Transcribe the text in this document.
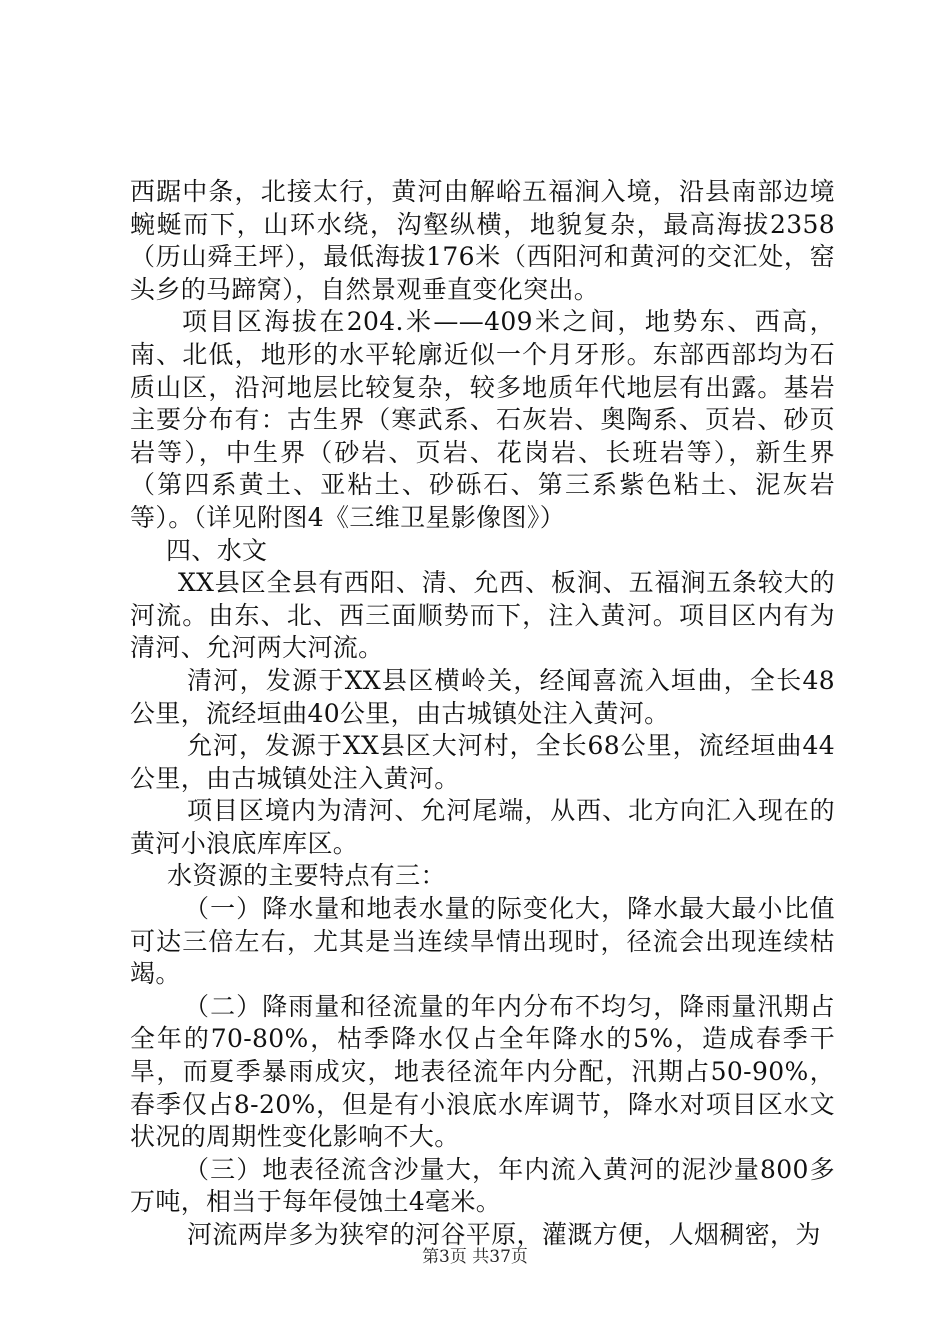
西踞中条，北接太行，黄河由解峪五福涧入境，沿县南部边境蜿蜒而下，山环水绕，沟壑纵横，地貌复杂，最高海拔2358（历山舜王坪），最低海拔176米（西阳河和黄河的交汇处，窑头乡的马蹄窝），自然景观垂直变化突出。

项目区海拔在204.米——409米之间，地势东、西高，南、北低，地形的水平轮廓近似一个月牙形。东部西部均为石质山区，沿河地层比较复杂，较多地质年代地层有出露。基岩主要分布有：古生界（寒武系、石灰岩、奥陶系、页岩、砂页岩等），中生界（砂岩、页岩、花岗岩、长班岩等），新生界（第四系黄土、亚粘土、砂砾石、第三系紫色粘土、泥灰岩等）。（详见附图4《三维卫星影像图》）

四、水文

XX县区全县有西阳、清、允西、板涧、五福涧五条较大的河流。由东、北、西三面顺势而下，注入黄河。项目区内有为清河、允河两大河流。

清河，发源于XX县区横岭关，经闻喜流入垣曲，全长48公里，流经垣曲40公里，由古城镇处注入黄河。

允河，发源于XX县区大河村，全长68公里，流经垣曲44公里，由古城镇处注入黄河。

项目区境内为清河、允河尾端，从西、北方向汇入现在的黄河小浪底库库区。

水资源的主要特点有三：

（一）降水量和地表水量的际变化大，降水最大最小比值可达三倍左右，尤其是当连续旱情出现时，径流会出现连续枯竭。

（二）降雨量和径流量的年内分布不均匀，降雨量汛期占全年的70-80%，枯季降水仅占全年降水的5%，造成春季干旱，而夏季暴雨成灾，地表径流年内分配，汛期占50-90%，春季仅占8-20%，但是有小浪底水库调节，降水对项目区水文状况的周期性变化影响不大。

（三）地表径流含沙量大，年内流入黄河的泥沙量800多万吨，相当于每年侵蚀土4毫米。

河流两岸多为狭窄的河谷平原，灌溉方便，人烟稠密，为

第3页 共37页
